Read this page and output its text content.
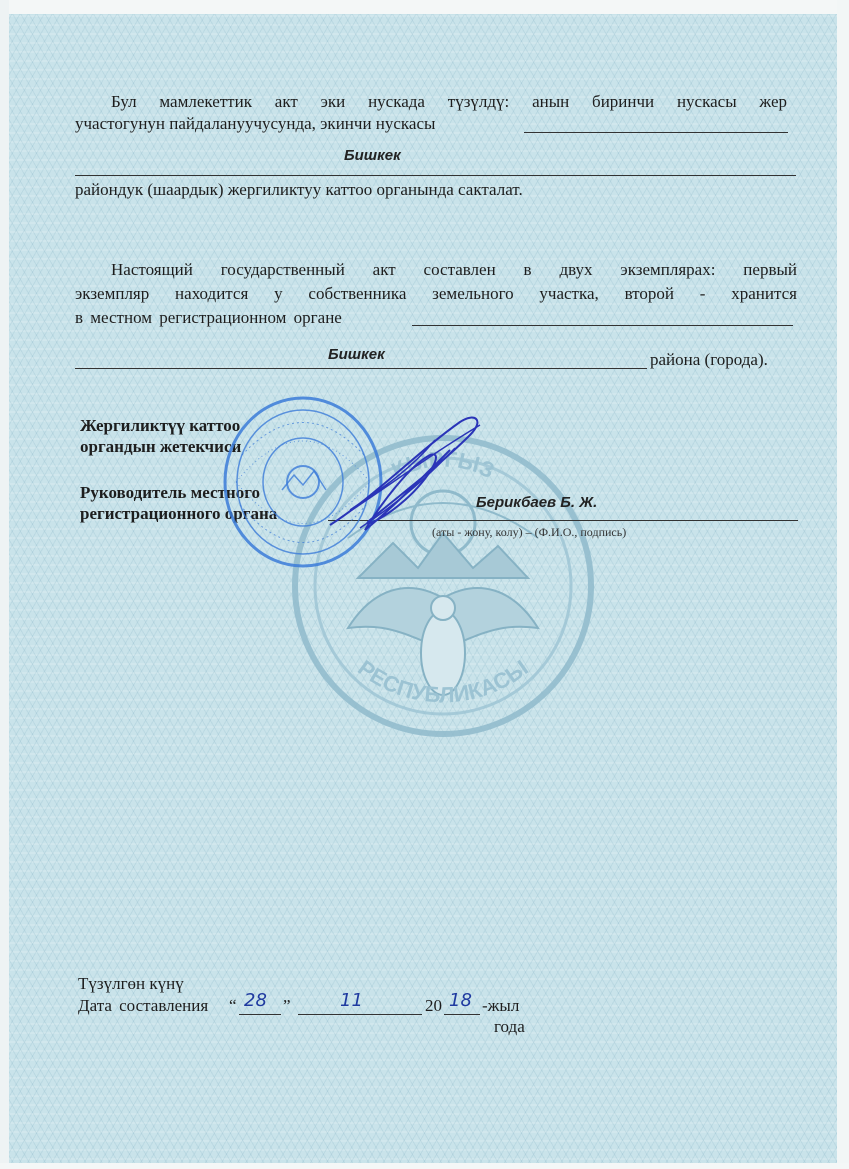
КЫРГЫЗ
РЕСПУБЛИКАСЫ
Бул мамлекеттик акт эки нускада түзүлдү: анын биринчи нускасы жер
участогунун пайдалануучусунда, экинчи нускасы
Бишкек
райондук (шаардык) жергиликтуу каттоо органында сакталат.
Настоящий государственный акт составлен в двух экземплярах: первый
экземпляр находится у собственника земельного участка, второй - хранится
в местном регистрационном органе
Бишкек	района (города).
Жергиликтүү каттоо
органдын жетекчиси
Руководитель местного
регистрационного органа
Берикбаев Б. Ж.
(аты - жону, колу) – (Ф.И.О., подпись)
Түзүлгөн күнү
Дата составления “ 28 ”	11	20 18 -жыл
года
